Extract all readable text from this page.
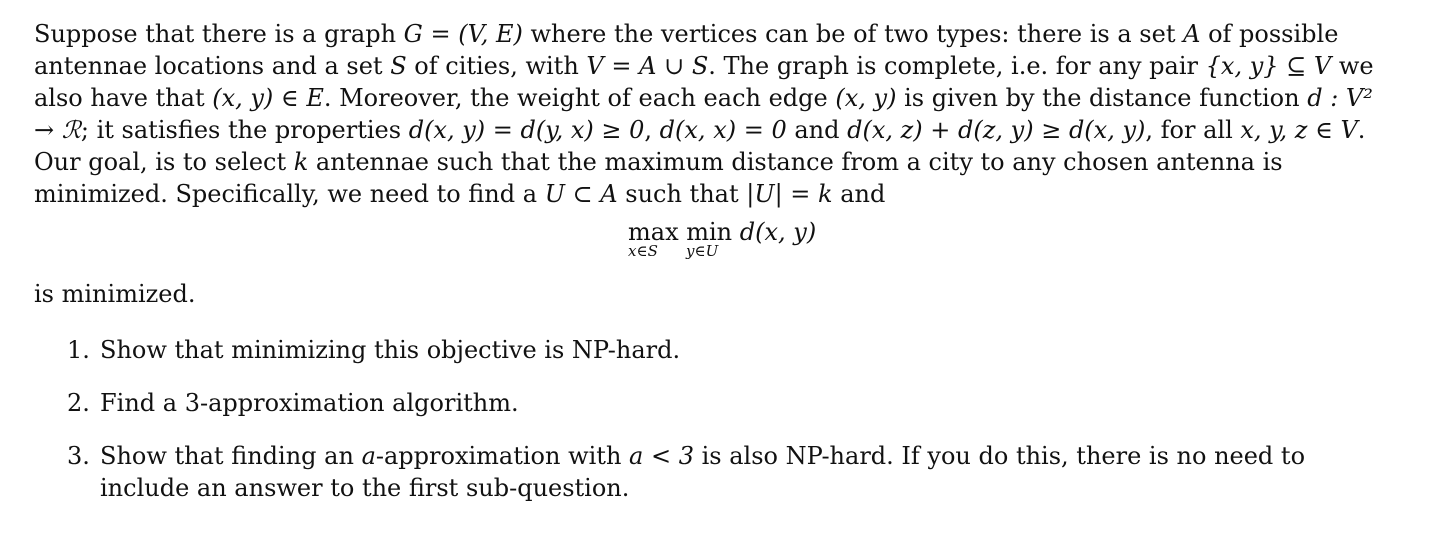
Suppose that there is a graph G = (V, E) where the vertices can be of two types: there is a set A of possible antennae locations and a set S of cities, with V = A ∪ S. The graph is complete, i.e. for any pair {x, y} ⊆ V we also have that (x, y) ∈ E. Moreover, the weight of each each edge (x, y) is given by the distance function d : V² → ℛ; it satisfies the properties d(x, y) = d(y, x) ≥ 0, d(x, x) = 0 and d(x, z) + d(z, y) ≥ d(x, y), for all x, y, z ∈ V. Our goal, is to select k antennae such that the maximum distance from a city to any chosen antenna is minimized. Specifically, we need to find a U ⊂ A such that |U| = k and

max min d(x, y)
x∈S y∈U

is minimized.

1. Show that minimizing this objective is NP-hard.
2. Find a 3-approximation algorithm.
3. Show that finding an a-approximation with a < 3 is also NP-hard. If you do this, there is no need to include an answer to the first sub-question.
